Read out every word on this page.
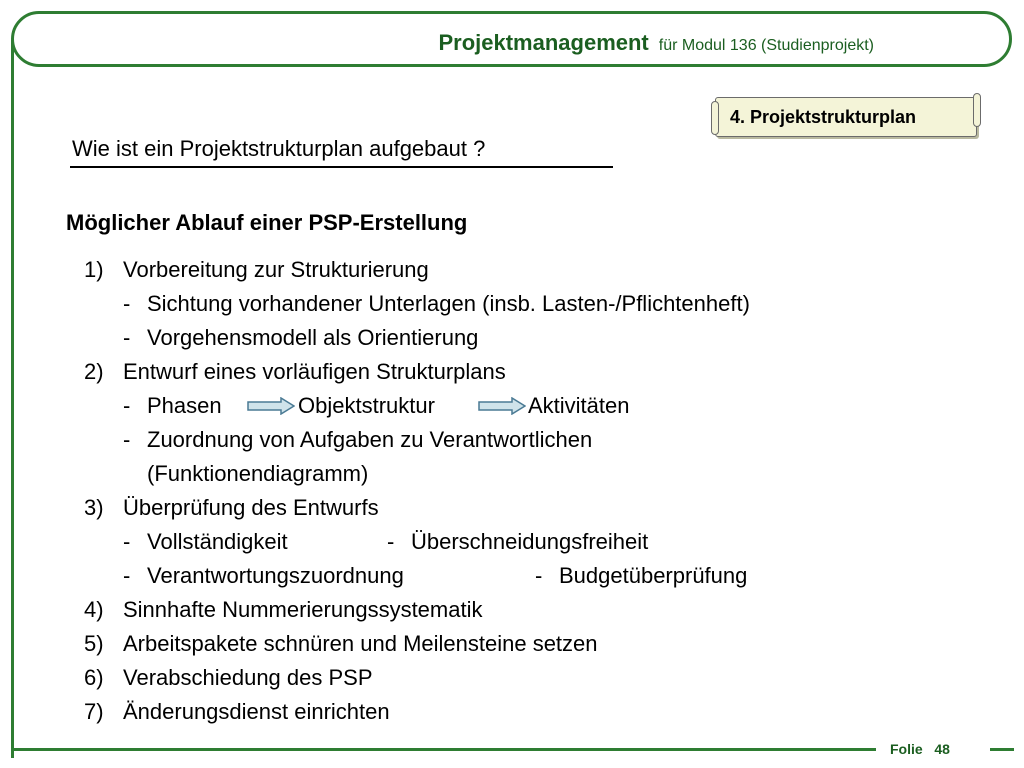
Projektmanagement für Modul 136 (Studienprojekt)
4. Projektstrukturplan
Wie ist ein Projektstrukturplan aufgebaut ?
Möglicher Ablauf einer PSP-Erstellung
1) Vorbereitung zur Strukturierung
- Sichtung vorhandener Unterlagen (insb. Lasten-/Pflichtenheft)
- Vorgehensmodell als Orientierung
2) Entwurf eines vorläufigen Strukturplans
- Phasen	Objektstruktur	Aktivitäten
- Zuordnung von Aufgaben zu Verantwortlichen
(Funktionendiagramm)
3) Überprüfung des Entwurfs
- Vollständigkeit	- Überschneidungsfreiheit
- Verantwortungszuordnung	- Budgetüberprüfung
4) Sinnhafte Nummerierungssystematik
5) Arbeitspakete schnüren und Meilensteine setzen
6) Verabschiedung des PSP
7) Änderungsdienst einrichten
Folie 48
